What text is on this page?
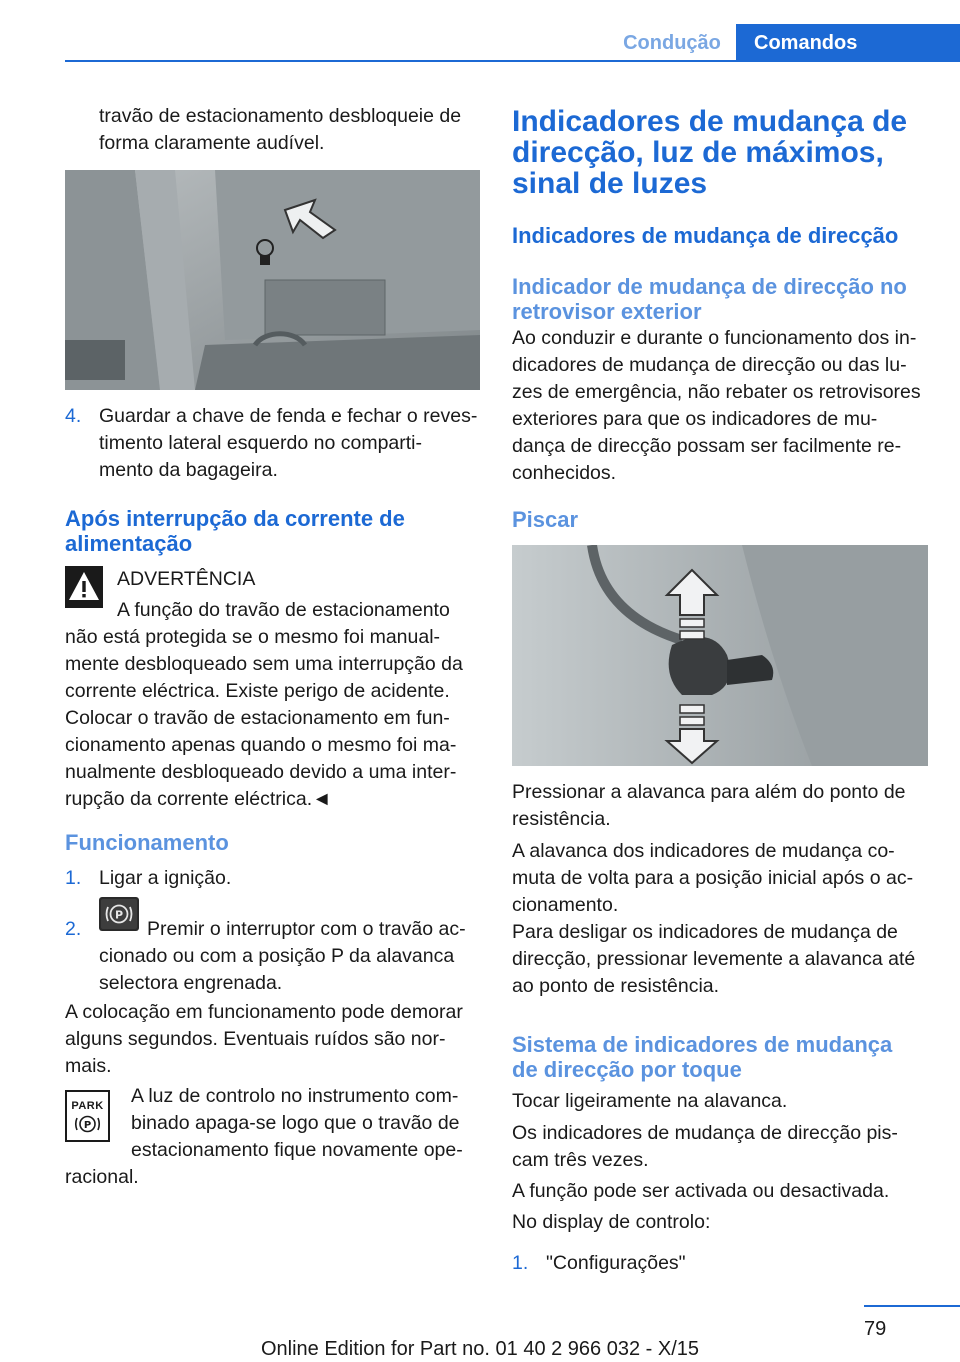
Condução	Comandos

travão de estacionamento desbloqueie de

forma claramente audível.

4. Guardar a chave de fenda e fechar o reves-
timento lateral esquerdo no comparti-
mento da bagageira.
Após interrupção da corrente de
alimentação

ADVERTÊNCIA

A função do travão de estacionamento

não está protegida se o mesmo foi manual-

mente desbloqueado sem uma interrupção da

corrente eléctrica. Existe perigo de acidente.

Colocar o travão de estacionamento em fun-

cionamento apenas quando o mesmo foi ma-

nualmente desbloqueado devido a uma inter-

rupção da corrente eléctrica.◄

Funcionamento
1. Ligar a ignição.
2.
P
Premir o interruptor com o travão ac-
cionado ou com a posição P da alavanca
selectora engrenada.

A colocação em funcionamento pode demorar

alguns segundos. Eventuais ruídos são nor-

mais.

PARK
P

A luz de controlo no instrumento com-

binado apaga-se logo que o travão de

estacionamento fique novamente ope-

racional.

Indicadores de mudança de
direcção, luz de máximos,
sinal de luzes
Indicadores de mudança de direcção
Indicador de mudança de direcção no
retrovisor exterior

Ao conduzir e durante o funcionamento dos in-

dicadores de mudança de direcção ou das lu-

zes de emergência, não rebater os retrovisores

exteriores para que os indicadores de mu-

dança de direcção possam ser facilmente re-

conhecidos.

Piscar

Pressionar a alavanca para além do ponto de

resistência.

A alavanca dos indicadores de mudança co-

muta de volta para a posição inicial após o ac-

cionamento.

Para desligar os indicadores de mudança de

direcção, pressionar levemente a alavanca até

ao ponto de resistência.

Sistema de indicadores de mudança
de direcção por toque

Tocar ligeiramente na alavanca.

Os indicadores de mudança de direcção pis-

cam três vezes.

A função pode ser activada ou desactivada.

No display de controlo:

1. "Configurações"
79
Online Edition for Part no. 01 40 2 966 032 - X/15
